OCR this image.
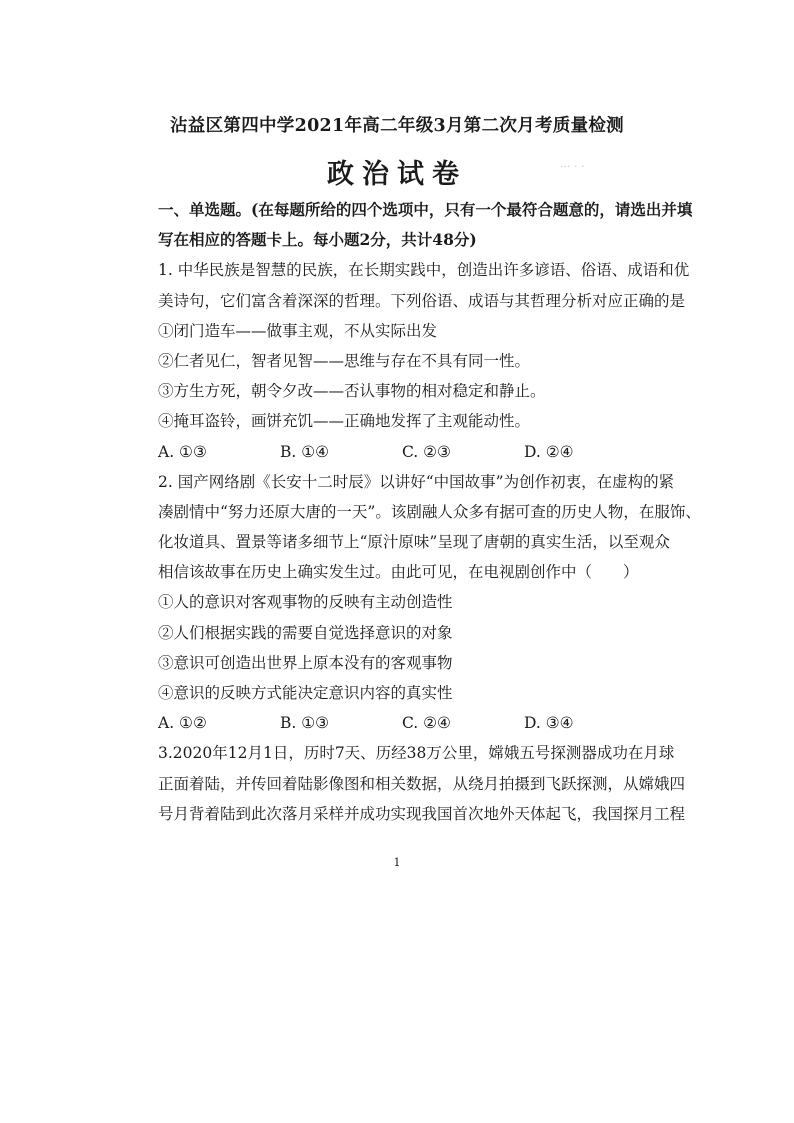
沾益区第四中学2021年高二年级3月第二次月考质量检测
政治试卷	··· · ·
一、单选题。(在每题所给的四个选项中，只有一个最符合题意的，请选出并填
写在相应的答题卡上。每小题2分，共计48分)
1. 中华民族是智慧的民族，在长期实践中，创造出许多谚语、俗语、成语和优
美诗句，它们富含着深深的哲理。下列俗语、成语与其哲理分析对应正确的是
①闭门造车——做事主观，不从实际出发
②仁者见仁，智者见智——思维与存在不具有同一性。
③方生方死，朝令夕改——否认事物的相对稳定和静止。
④掩耳盗铃，画饼充饥——正确地发挥了主观能动性。
A. ①③	B. ①④	C. ②③	D. ②④
2. 国产网络剧《长安十二时辰》以讲好“中国故事”为创作初衷，在虚构的紧
凑剧情中“努力还原大唐的一天”。该剧融人众多有据可查的历史人物，在服饰、
化妆道具、置景等诸多细节上“原汁原味”呈现了唐朝的真实生活，以至观众
相信该故事在历史上确实发生过。由此可见，在电视剧创作中（　　）
①人的意识对客观事物的反映有主动创造性
②人们根据实践的需要自觉选择意识的对象
③意识可创造出世界上原本没有的客观事物
④意识的反映方式能决定意识内容的真实性
A. ①②	B. ①③	C. ②④	D. ③④
3.2020年12月1日，历时7天、历经38万公里，嫦娥五号探测器成功在月球
正面着陆，并传回着陆影像图和相关数据，从绕月拍摄到飞跃探测，从嫦娥四
号月背着陆到此次落月采样并成功实现我国首次地外天体起飞，我国探月工程
1
